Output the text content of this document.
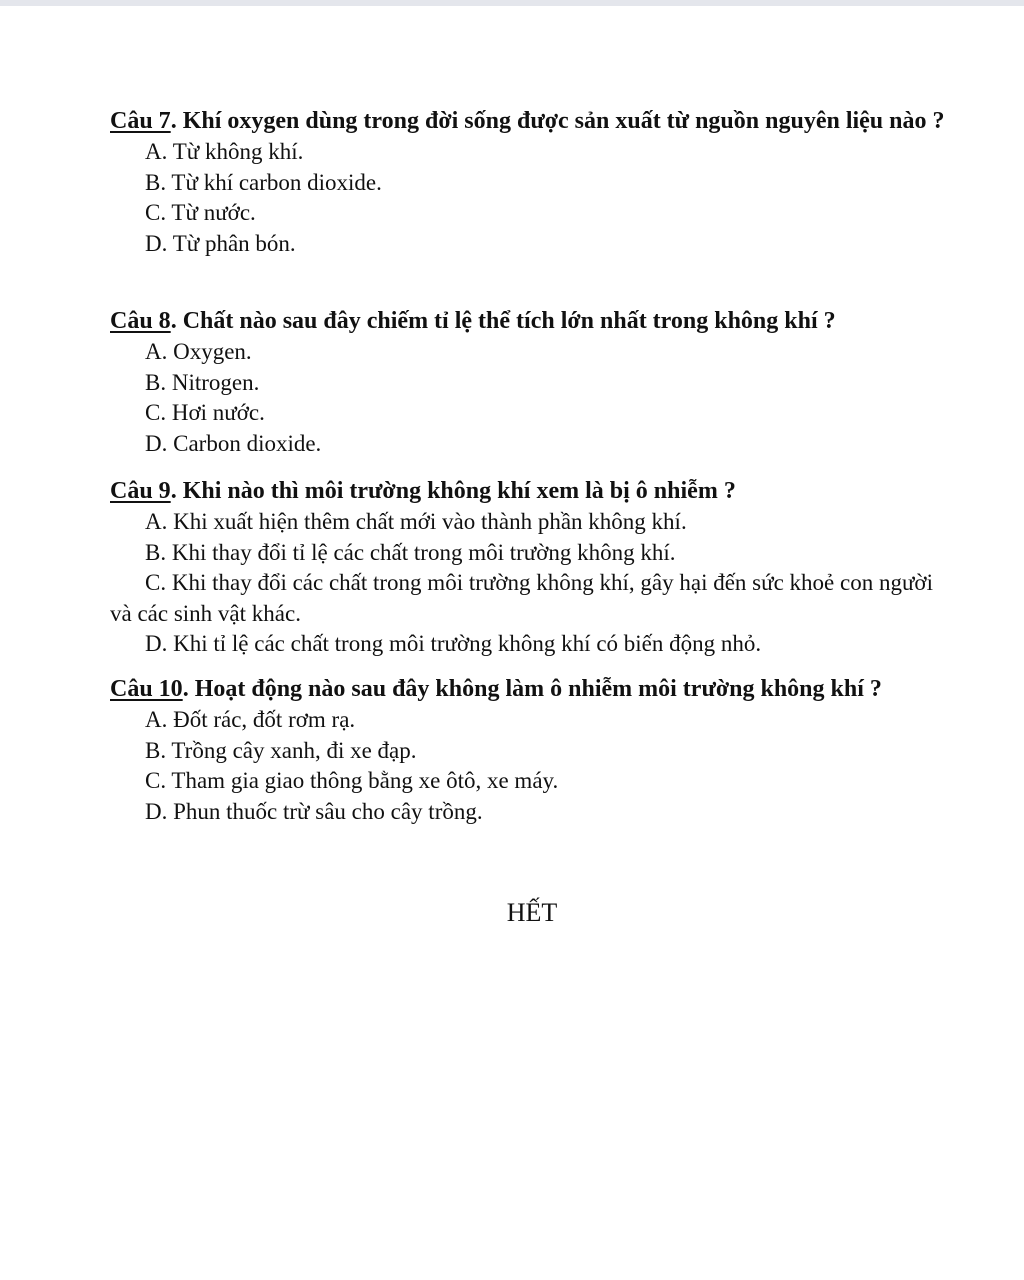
Câu 7. Khí oxygen dùng trong đời sống được sản xuất từ nguồn nguyên liệu nào ?

A. Từ không khí.

B. Từ khí carbon dioxide.

C. Từ nước.

D. Từ phân bón.

Câu 8. Chất nào sau đây chiếm tỉ lệ thể tích lớn nhất trong không khí ?

A. Oxygen.

B. Nitrogen.

C. Hơi nước.

D. Carbon dioxide.

Câu 9. Khi nào thì môi trường không khí xem là bị ô nhiễm ?

A. Khi xuất hiện thêm chất mới vào thành phần không khí.

B. Khi thay đổi tỉ lệ các chất trong môi trường không khí.

C. Khi thay đổi các chất trong môi trường không khí, gây hại đến sức khoẻ con người và các sinh vật khác.

D. Khi tỉ lệ các chất trong môi trường không khí có biến động nhỏ.

Câu 10. Hoạt động nào sau đây không làm ô nhiễm môi trường không khí ?

A. Đốt rác, đốt rơm rạ.

B. Trồng cây xanh, đi xe đạp.

C. Tham gia giao thông bằng xe ôtô, xe máy.

D. Phun thuốc trừ sâu cho cây trồng.

HẾT
